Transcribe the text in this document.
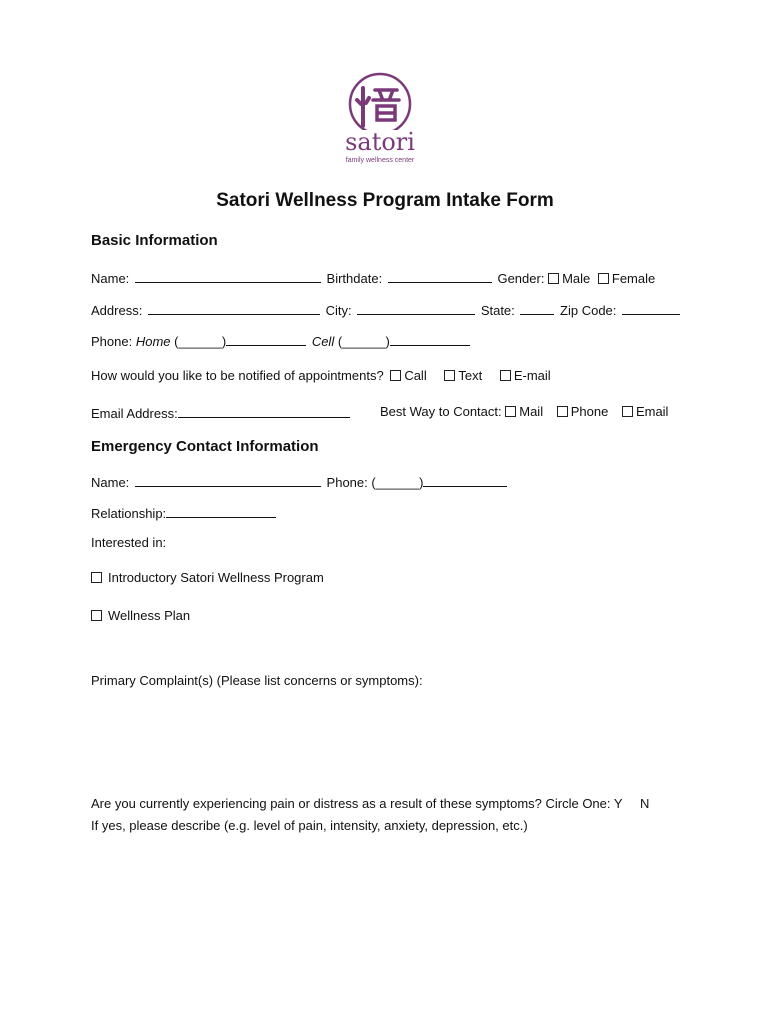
satori
family wellness center
Satori Wellness Program Intake Form
Basic Information
Name:	Birthdate:	Gender: Male Female
Address:	City:	State:	Zip Code:
Phone: Home (______)	Cell (______)
How would you like to be notified of appointments? Call Text E-mail
Email Address:	Best Way to Contact: Mail Phone Email
Emergency Contact Information
Name:	Phone: (______)
Relationship:
Interested in:
Introductory Satori Wellness Program
Wellness Plan
Primary Complaint(s) (Please list concerns or symptoms):
Are you currently experiencing pain or distress as a result of these symptoms? Circle One: Y N
If yes, please describe (e.g. level of pain, intensity, anxiety, depression, etc.)
